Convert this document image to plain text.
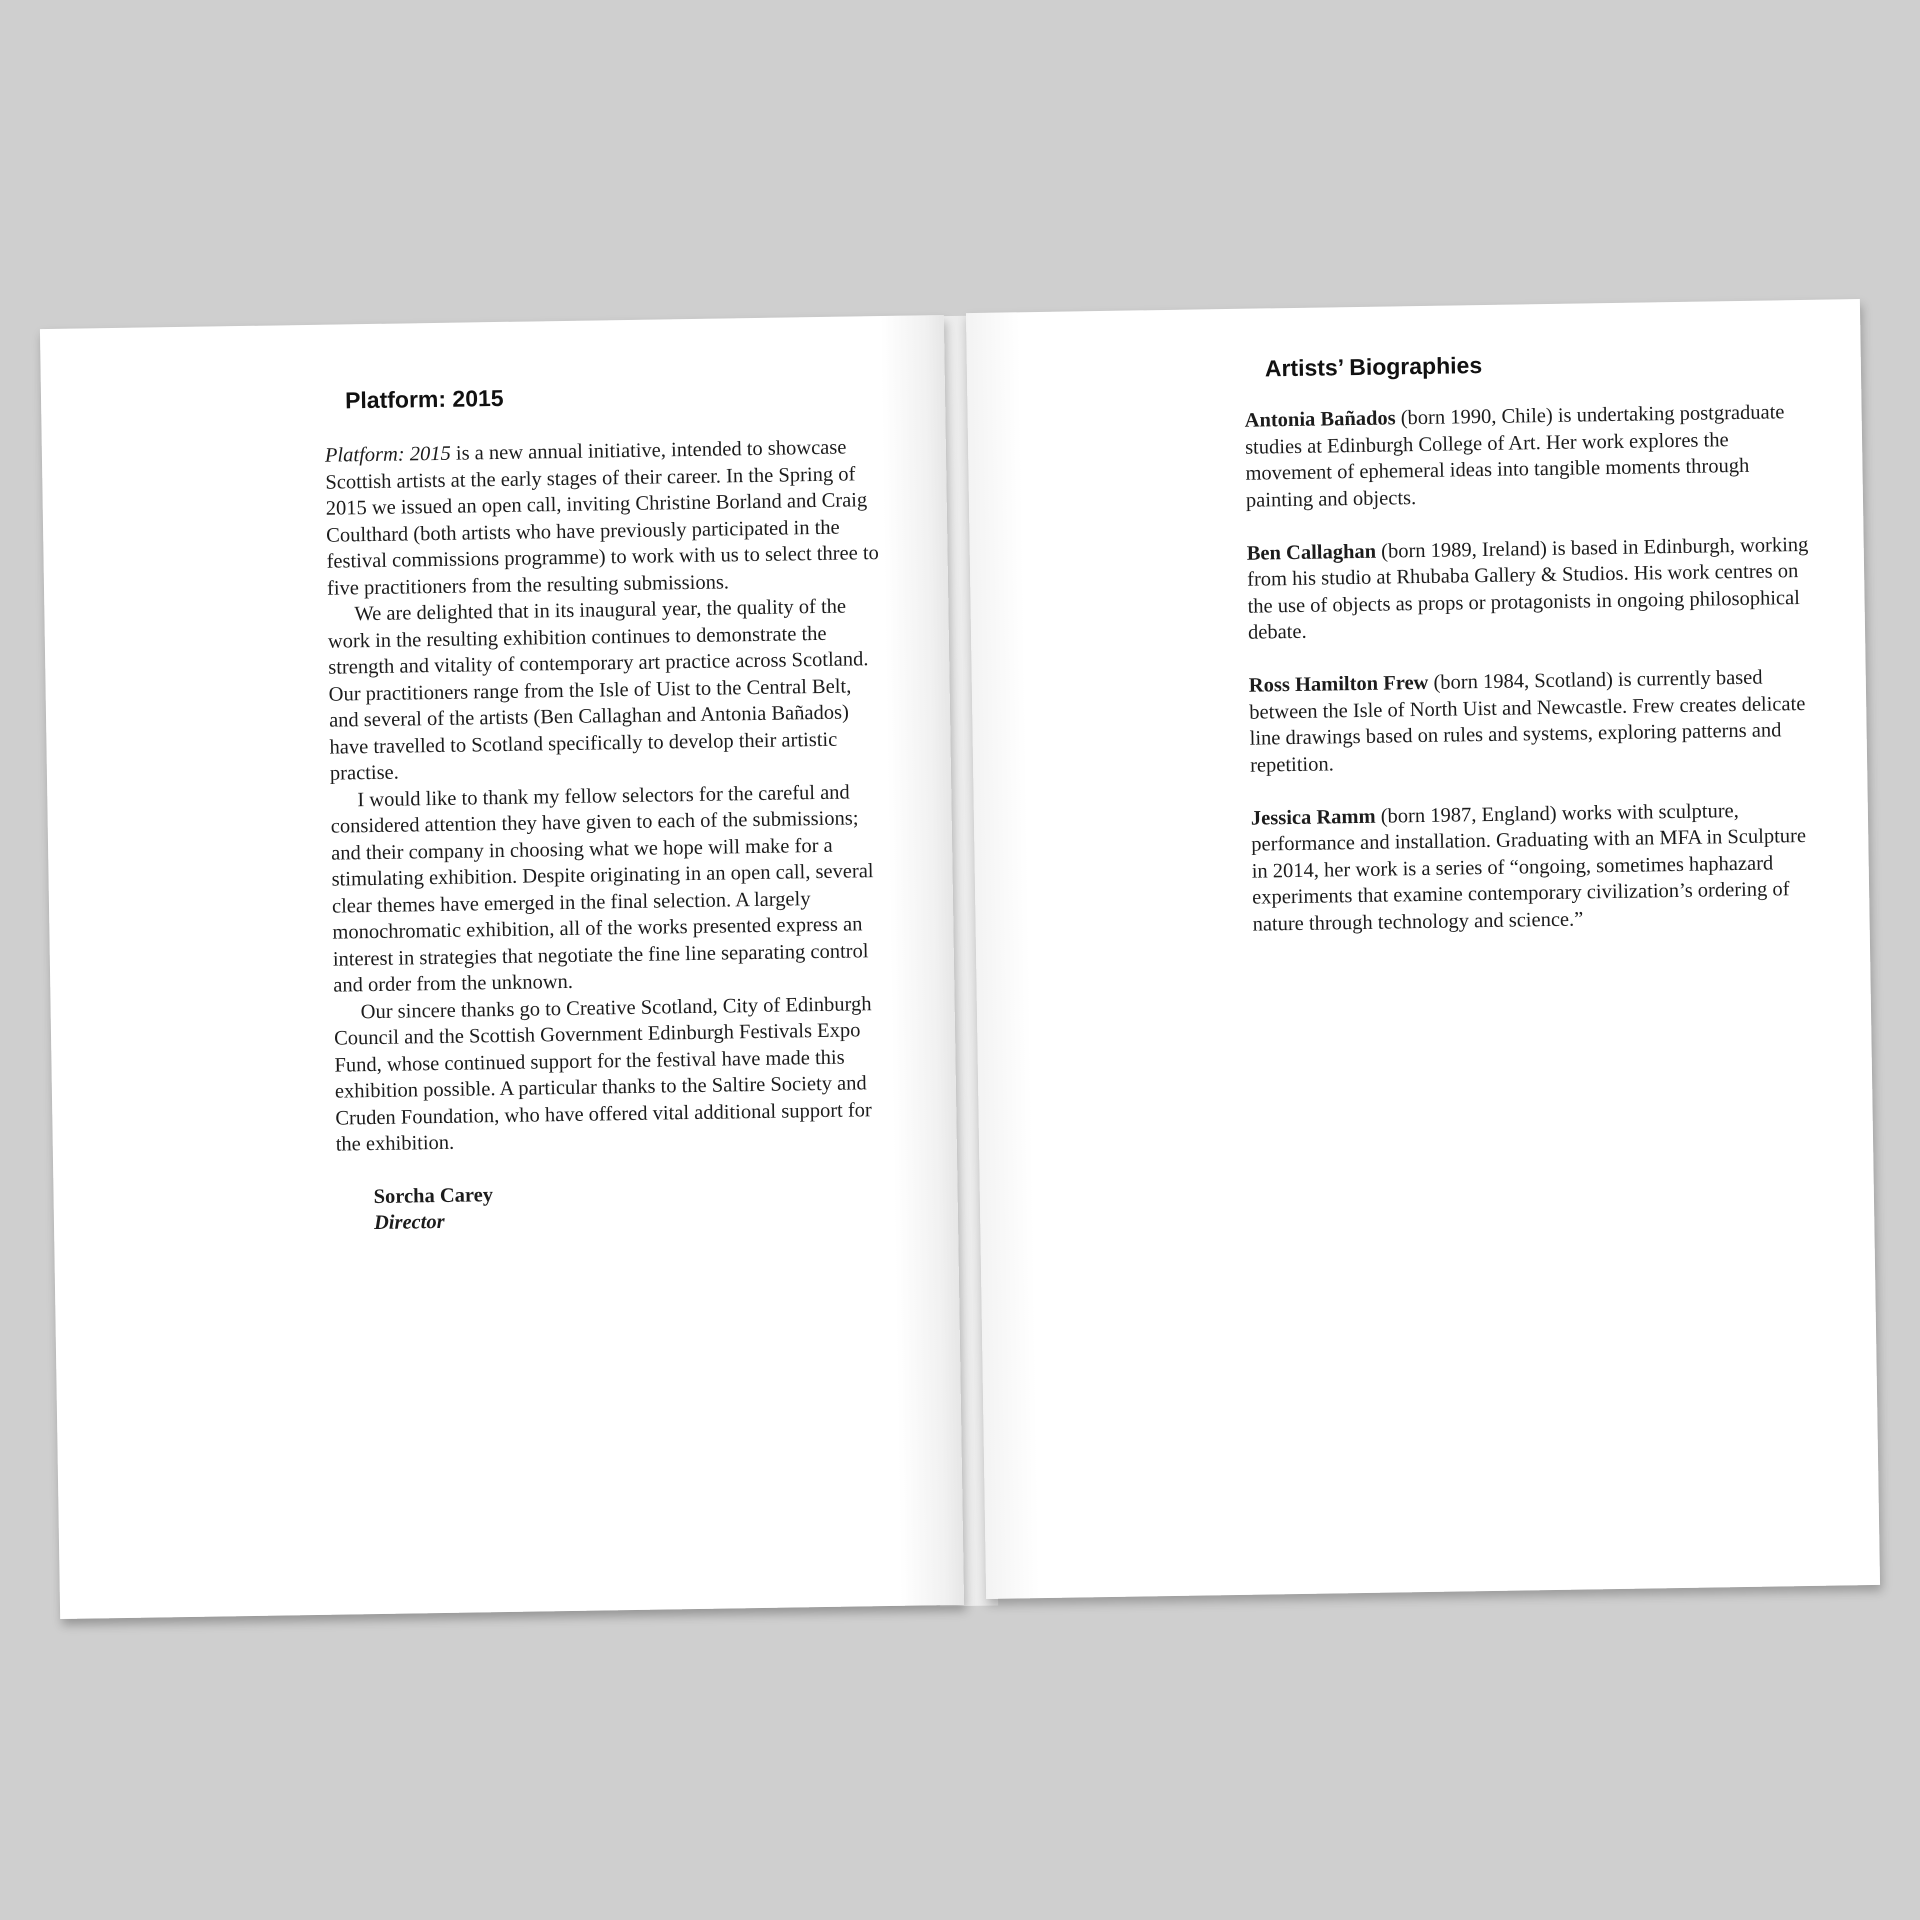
Platform: 2015

Platform: 2015 is a new annual initiative, intended to showcase Scottish artists at the early stages of their career. In the Spring of 2015 we issued an open call, inviting Christine Borland and Craig Coulthard (both artists who have previously participated in the festival commissions programme) to work with us to select three to five practitioners from the resulting submissions.

We are delighted that in its inaugural year, the quality of the work in the resulting exhibition continues to demonstrate the strength and vitality of contemporary art practice across Scotland. Our practitioners range from the Isle of Uist to the Central Belt, and several of the artists (Ben Callaghan and Antonia Bañados) have travelled to Scotland specifically to develop their artistic practise.

I would like to thank my fellow selectors for the careful and considered attention they have given to each of the submissions; and their company in choosing what we hope will make for a stimulating exhibition. Despite originating in an open call, several clear themes have emerged in the final selection. A largely monochromatic exhibition, all of the works presented express an interest in strategies that negotiate the fine line separating control and order from the unknown.

Our sincere thanks go to Creative Scotland, City of Edinburgh Council and the Scottish Government Edinburgh Festivals Expo Fund, whose continued support for the festival have made this exhibition possible. A particular thanks to the Saltire Society and Cruden Foundation, who have offered vital additional support for the exhibition.

Sorcha Carey
Director
Artists’ Biographies

Antonia Bañados (born 1990, Chile) is undertaking postgraduate studies at Edinburgh College of Art. Her work explores the movement of ephemeral ideas into tangible moments through painting and objects.

Ben Callaghan (born 1989, Ireland) is based in Edinburgh, working from his studio at Rhubaba Gallery & Studios. His work centres on the use of objects as props or protagonists in ongoing philosophical debate.

Ross Hamilton Frew (born 1984, Scotland) is currently based between the Isle of North Uist and Newcastle. Frew creates delicate line drawings based on rules and systems, exploring patterns and repetition.

Jessica Ramm (born 1987, England) works with sculpture, performance and installation. Graduating with an MFA in Sculpture in 2014, her work is a series of “ongoing, sometimes haphazard experiments that examine contemporary civilization’s ordering of nature through technology and science.”
